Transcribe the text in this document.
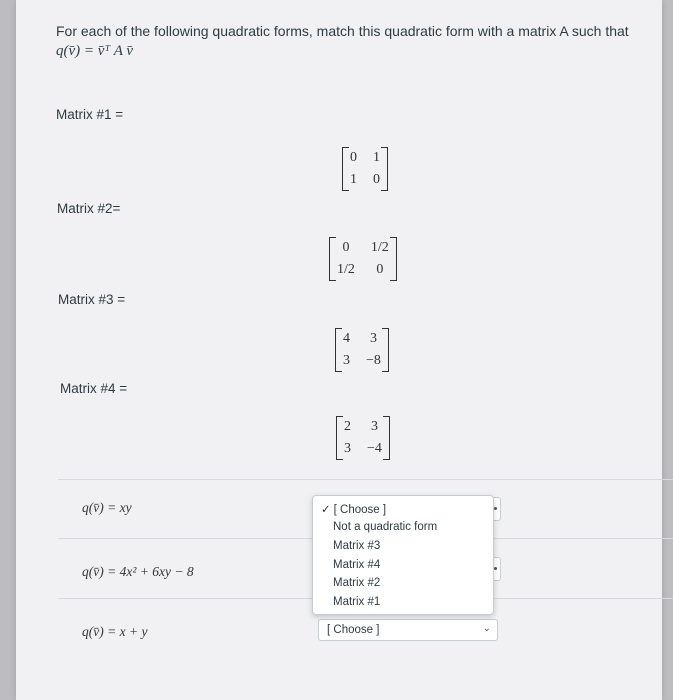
For each of the following quadratic forms, match this quadratic form with a matrix A such that
q(v̄) = v̄ᵀ A v̄
Matrix #1 =
0	1
1	0
Matrix #2=
0	1/2
1/2	0
Matrix #3 =
4	3
3	−8
Matrix #4 =
2	3
3	−4
q(v̄) = xy
q(v̄) = 4x² + 6xy − 8
q(v̄) = x + y	[ Choose ]	⌄
✓ [ Choose ]
Not a quadratic form
Matrix #3
Matrix #4
Matrix #2
Matrix #1
